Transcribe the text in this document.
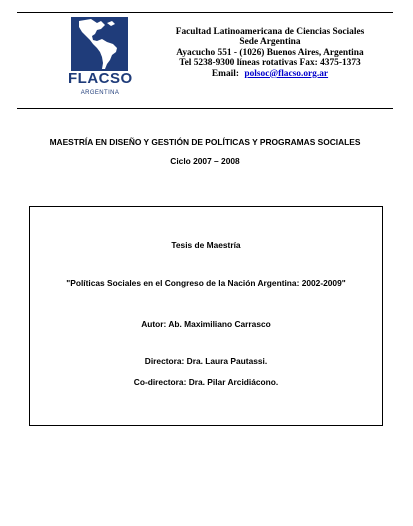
FLACSO
ARGENTINA
Facultad Latinoamericana de Ciencias Sociales
Sede Argentina
Ayacucho 551 - (1026) Buenos Aires, Argentina
Tel 5238-9300 líneas rotativas Fax: 4375-1373
Email: polsoc@flacso.org.ar
MAESTRÍA EN DISEÑO Y GESTIÓN DE POLÍTICAS Y PROGRAMAS SOCIALES
Ciclo 2007 – 2008
Tesis de Maestría
"Políticas Sociales en el Congreso de la Nación Argentina: 2002-2009"
Autor: Ab. Maximiliano Carrasco
Directora: Dra. Laura Pautassi.
Co-directora: Dra. Pilar Arcidiácono.
